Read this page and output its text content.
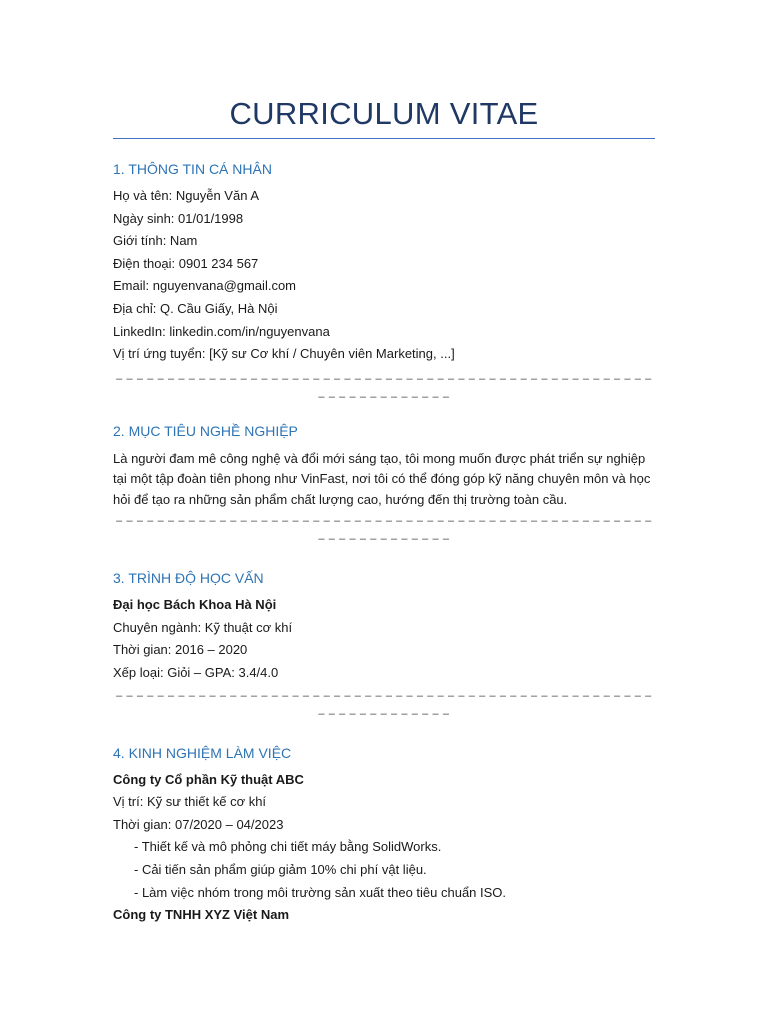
CURRICULUM VITAE
1. THÔNG TIN CÁ NHÂN
Họ và tên: Nguyễn Văn A
Ngày sinh: 01/01/1998
Giới tính: Nam
Điện thoại: 0901 234 567
Email: nguyenvana@gmail.com
Địa chỉ: Q. Cầu Giấy, Hà Nội
LinkedIn: linkedin.com/in/nguyenvana
Vị trí ứng tuyển: [Kỹ sư Cơ khí / Chuyên viên Marketing, ...]
– – – – – – – – – – – – – – – – – – – – – – – – – – – – – – – – – – – – – – – – – – – – – – – – – – – – – – – – – – – – – – – – –
2. MỤC TIÊU NGHỀ NGHIỆP
Là người đam mê công nghệ và đổi mới sáng tạo, tôi mong muốn được phát triển sự nghiệp tại một tập đoàn tiên phong như VinFast, nơi tôi có thể đóng góp kỹ năng chuyên môn và học hỏi để tạo ra những sản phẩm chất lượng cao, hướng đến thị trường toàn cầu.
– – – – – – – – – – – – – – – – – – – – – – – – – – – – – – – – – – – – – – – – – – – – – – – – – – – – – – – – – – – – – – – – –
3. TRÌNH ĐỘ HỌC VẤN
Đại học Bách Khoa Hà Nội
Chuyên ngành: Kỹ thuật cơ khí
Thời gian: 2016 – 2020
Xếp loại: Giỏi – GPA: 3.4/4.0
– – – – – – – – – – – – – – – – – – – – – – – – – – – – – – – – – – – – – – – – – – – – – – – – – – – – – – – – – – – – – – – – –
4. KINH NGHIỆM LÀM VIỆC
Công ty Cổ phần Kỹ thuật ABC
Vị trí: Kỹ sư thiết kế cơ khí
Thời gian: 07/2020 – 04/2023
- Thiết kế và mô phỏng chi tiết máy bằng SolidWorks.
- Cải tiến sản phẩm giúp giảm 10% chi phí vật liệu.
- Làm việc nhóm trong môi trường sản xuất theo tiêu chuẩn ISO.
Công ty TNHH XYZ Việt Nam
